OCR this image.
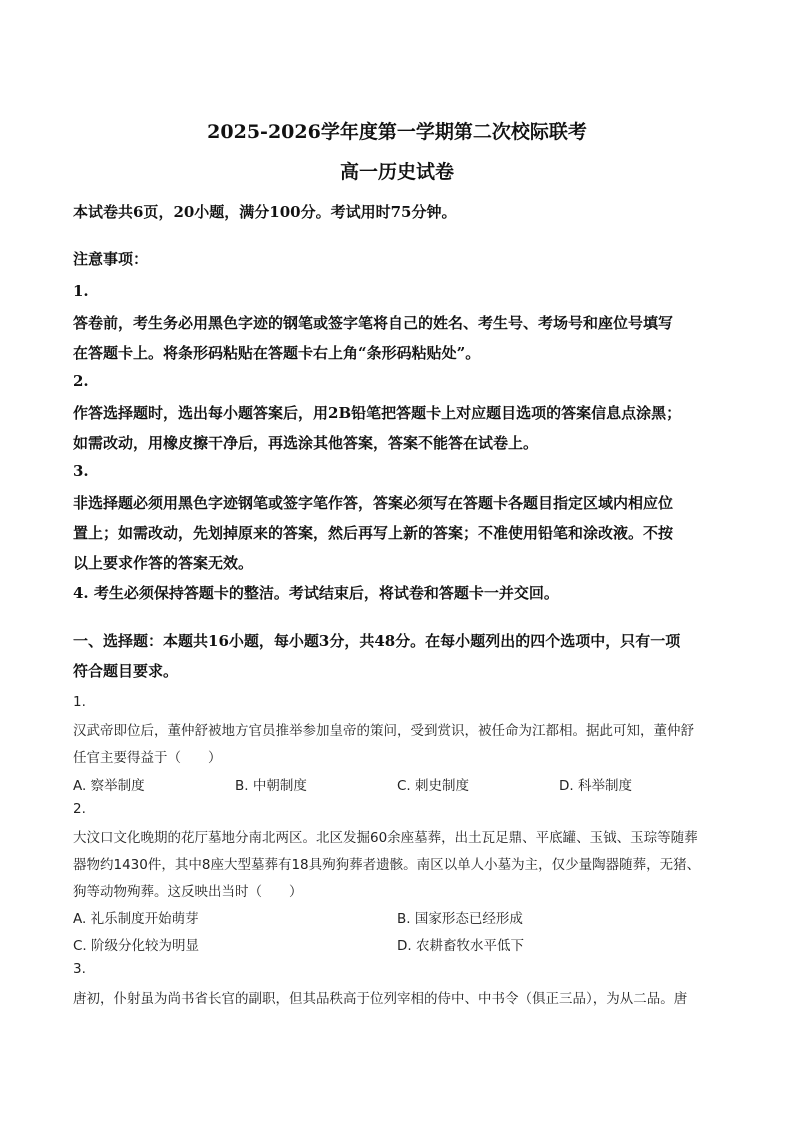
2025-2026学年度第一学期第二次校际联考
高一历史试卷
本试卷共6页，20小题，满分100分。考试用时75分钟。
注意事项：
1.
答卷前，考生务必用黑色字迹的钢笔或签字笔将自己的姓名、考生号、考场号和座位号填写
在答题卡上。将条形码粘贴在答题卡右上角“条形码粘贴处”。
2.
作答选择题时，选出每小题答案后，用2B铅笔把答题卡上对应题目选项的答案信息点涂黑；
如需改动，用橡皮擦干净后，再选涂其他答案，答案不能答在试卷上。
3.
非选择题必须用黑色字迹钢笔或签字笔作答，答案必须写在答题卡各题目指定区域内相应位
置上；如需改动，先划掉原来的答案，然后再写上新的答案；不准使用铅笔和涂改液。不按
以上要求作答的答案无效。
4. 考生必须保持答题卡的整洁。考试结束后，将试卷和答题卡一并交回。
一、选择题：本题共16小题，每小题3分，共48分。在每小题列出的四个选项中，只有一项
符合题目要求。
1.
汉武帝即位后，董仲舒被地方官员推举参加皇帝的策问，受到赏识，被任命为江都相。据此可知，董仲舒
任官主要得益于（　　）
A. 察举制度	B. 中朝制度	C. 刺史制度	D. 科举制度
2.
大汶口文化晚期的花厅墓地分南北两区。北区发掘60余座墓葬，出土瓦足鼎、平底罐、玉钺、玉琮等随葬
器物约1430件，其中8座大型墓葬有18具殉狗葬者遗骸。南区以单人小墓为主，仅少量陶器随葬，无猪、
狗等动物殉葬。这反映出当时（　　）
A. 礼乐制度开始萌芽	B. 国家形态已经形成
C. 阶级分化较为明显	D. 农耕畜牧水平低下
3.
唐初，仆射虽为尚书省长官的副职，但其品秩高于位列宰相的侍中、中书令（俱正三品），为从二品。唐
